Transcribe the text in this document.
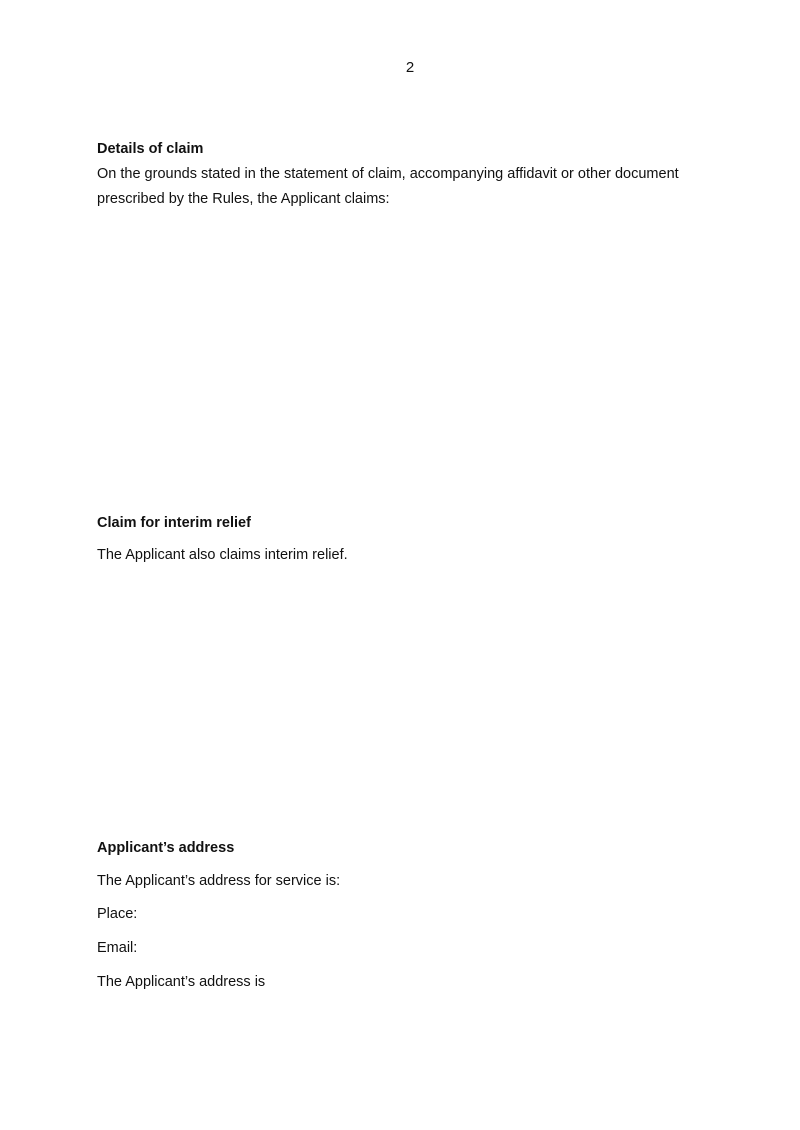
2
Details of claim

On the grounds stated in the statement of claim, accompanying affidavit or other document prescribed by the Rules, the Applicant claims:

Claim for interim relief

The Applicant also claims interim relief.

Applicant’s address

The Applicant’s address for service is:

Place:

Email:

The Applicant’s address is
